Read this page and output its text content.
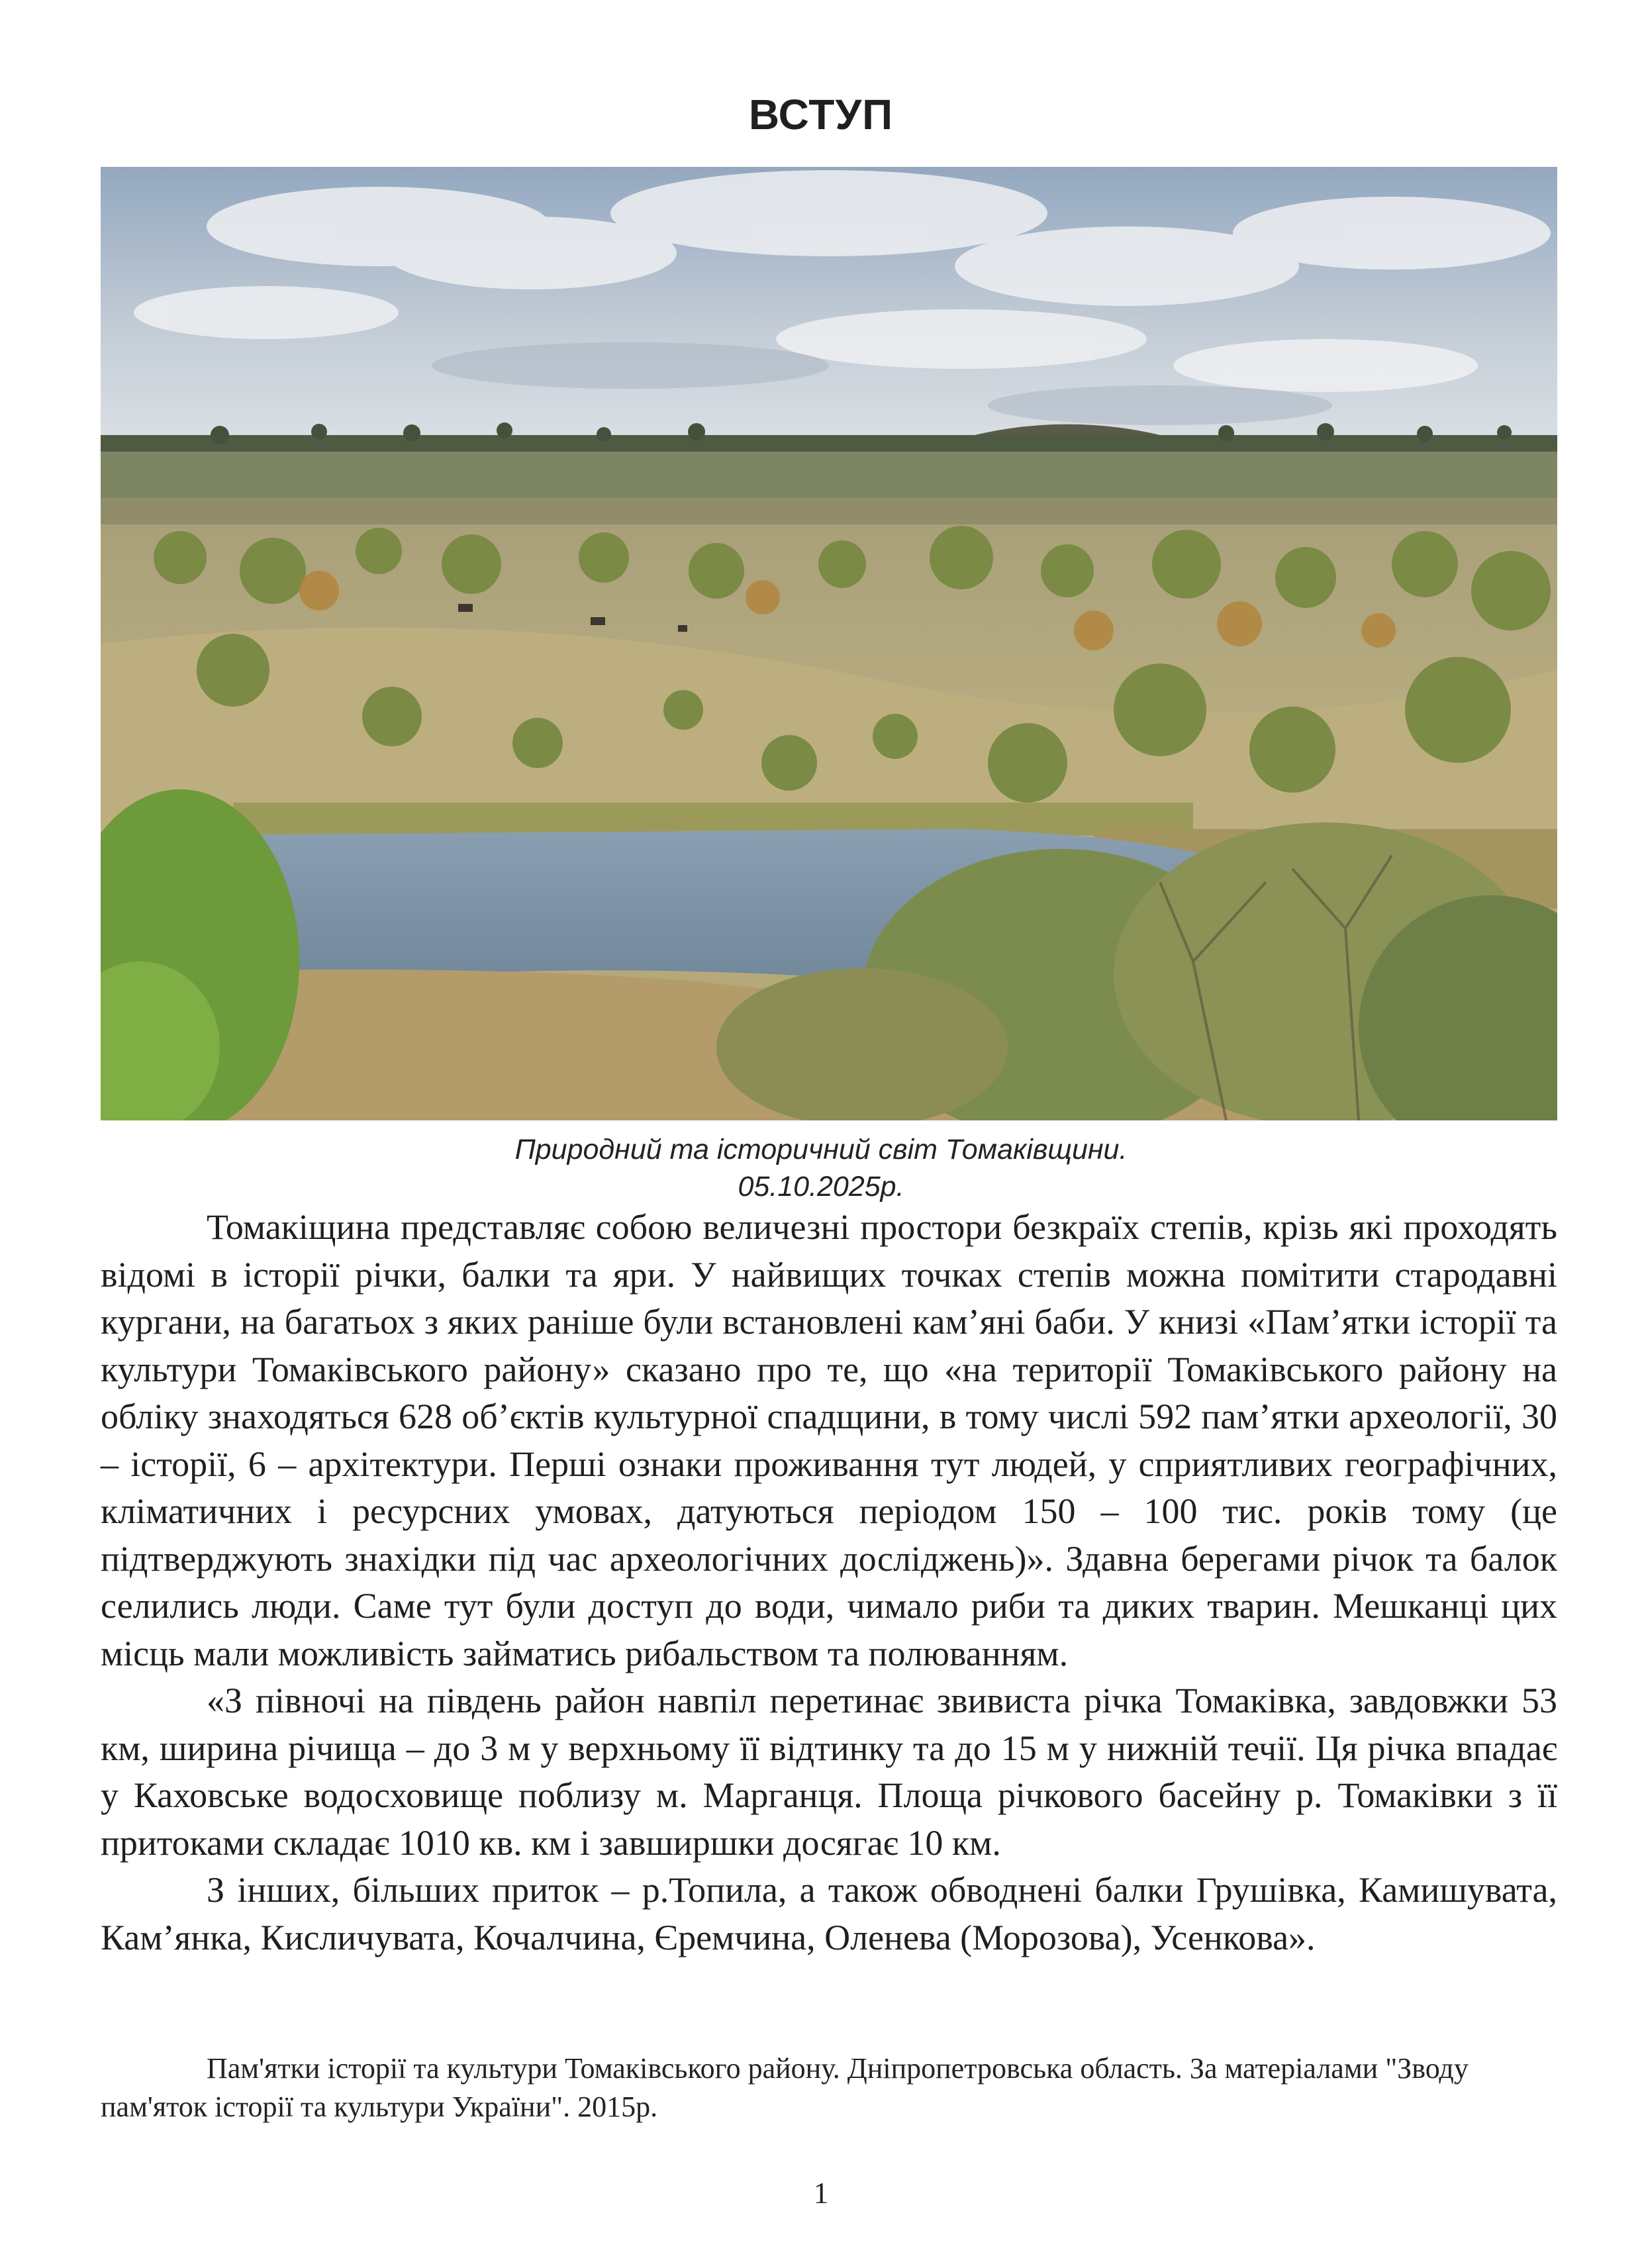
ВСТУП
Природний та історичний світ Томаківщини.
05.10.2025р.

Томакіщина представляє собою величезні простори безкраїх степів, крізь які проходять відомі в історії річки, балки та яри. У найвищих точках степів можна помітити стародавні кургани, на багатьох з яких раніше були встановлені кам’яні баби. У книзі «Пам’ятки історії та культури Томаківського району» сказано про те, що «на території Томаківського району на обліку знаходяться 628 об’єктів культурної спадщини, в тому числі 592 пам’ятки археології, 30 – історії, 6 – архітектури. Перші ознаки проживання тут людей, у сприятливих географічних, кліматичних і ресурсних умовах, датуються періодом 150 – 100 тис. років тому (це підтверджують знахідки під час археологічних досліджень)». Здавна берегами річок та балок селились люди. Саме тут були доступ до води, чимало риби та диких тварин. Мешканці цих місць мали можливість займатись рибальством та полюванням.

«З півночі на південь район навпіл перетинає звивиста річка Томаківка, завдовжки 53 км, ширина річища – до 3 м у верхньому її відтинку та до 15 м у нижній течії. Ця річка впадає у Каховське водосховище поблизу м. Марганця. Площа річкового басейну р. Томаківки з її притоками складає 1010 кв. км і завширшки досягає 10 км.

З інших, більших приток – р.Топила, а також обводнені балки Грушівка, Камишувата, Кам’янка, Кисличувата, Кочалчина, Єремчина, Оленева (Морозова), Усенкова».

Пам'ятки історії та культури Томаківського району. Дніпропетровська область. За матеріалами "Зводу пам'яток історії та культури України". 2015р.

1
